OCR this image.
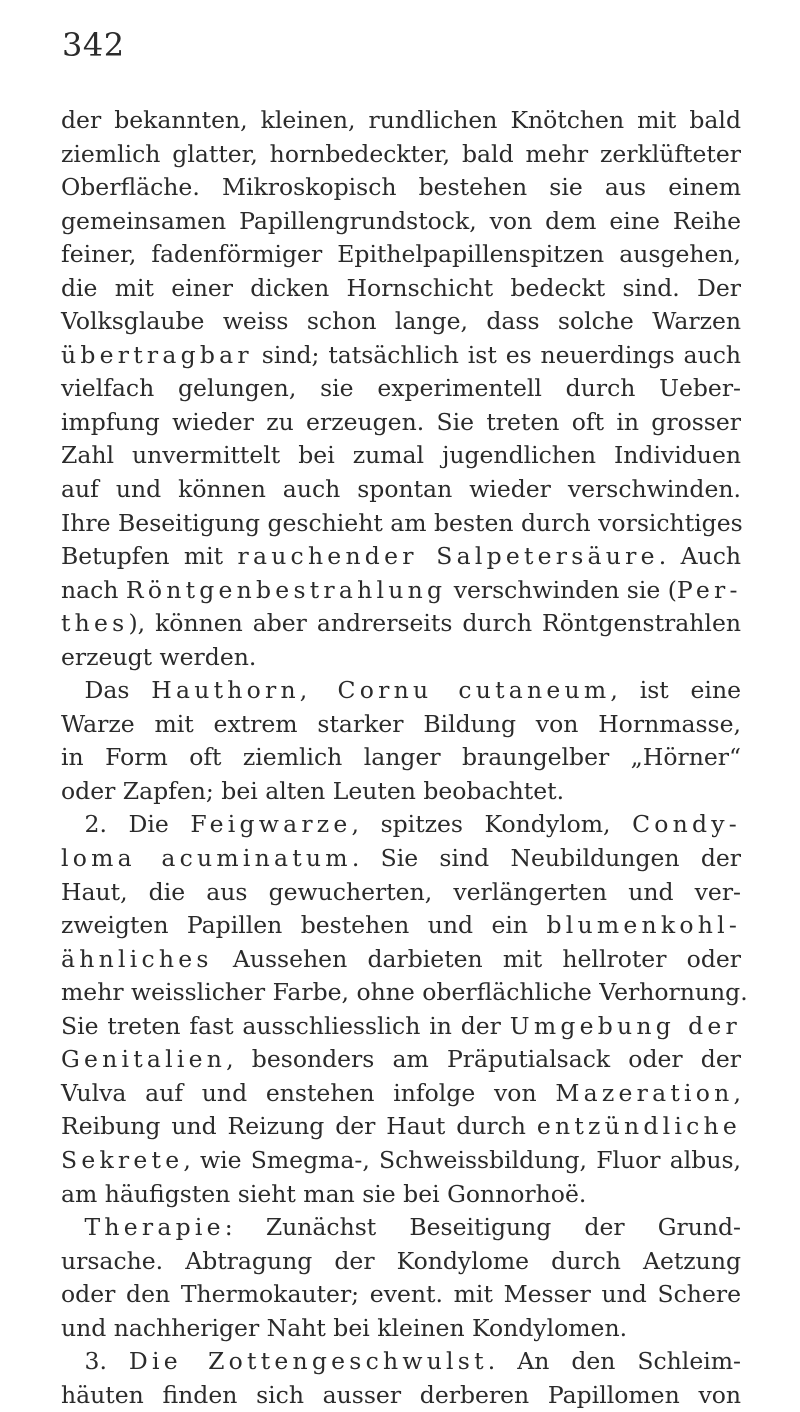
342
der bekannten, kleinen, rundlichen Knötchen mit bald
ziemlich glatter, hornbedeckter, bald mehr zerklüfteter
Oberfläche. Mikroskopisch bestehen sie aus einem
gemeinsamen Papillengrundstock, von dem eine Reihe
feiner, fadenförmiger Epithelpapillenspitzen ausgehen,
die mit einer dicken Hornschicht bedeckt sind. Der
Volksglaube weiss schon lange, dass solche Warzen
übertragbar sind; tatsächlich ist es neuerdings auch
vielfach gelungen, sie experimentell durch Ueber-
impfung wieder zu erzeugen. Sie treten oft in grosser
Zahl unvermittelt bei zumal jugendlichen Individuen
auf und können auch spontan wieder verschwinden.
Ihre Beseitigung geschieht am besten durch vorsichtiges
Betupfen mit rauchender Salpetersäure. Auch
nach Röntgenbestrahlung verschwinden sie (Per-
thes), können aber andrerseits durch Röntgenstrahlen
erzeugt werden.
 Das Hauthorn, Cornu cutaneum, ist eine
Warze mit extrem starker Bildung von Hornmasse,
in Form oft ziemlich langer braungelber „Hörner“
oder Zapfen; bei alten Leuten beobachtet.
 2. Die Feigwarze, spitzes Kondylom, Condy-
loma acuminatum. Sie sind Neubildungen der
Haut, die aus gewucherten, verlängerten und ver-
zweigten Papillen bestehen und ein blumenkohl-
ähnliches Aussehen darbieten mit hellroter oder
mehr weisslicher Farbe, ohne oberflächliche Verhornung.
Sie treten fast ausschliesslich in der Umgebung der
Genitalien, besonders am Präputialsack oder der
Vulva auf und enstehen infolge von Mazeration,
Reibung und Reizung der Haut durch entzündliche
Sekrete, wie Smegma-, Schweissbildung, Fluor albus,
am häufigsten sieht man sie bei Gonnorhoë.
 Therapie: Zunächst Beseitigung der Grund-
ursache. Abtragung der Kondylome durch Aetzung
oder den Thermokauter; event. mit Messer und Schere
und nachheriger Naht bei kleinen Kondylomen.
 3. Die Zottengeschwulst. An den Schleim-
häuten finden sich ausser derberen Papillomen von
